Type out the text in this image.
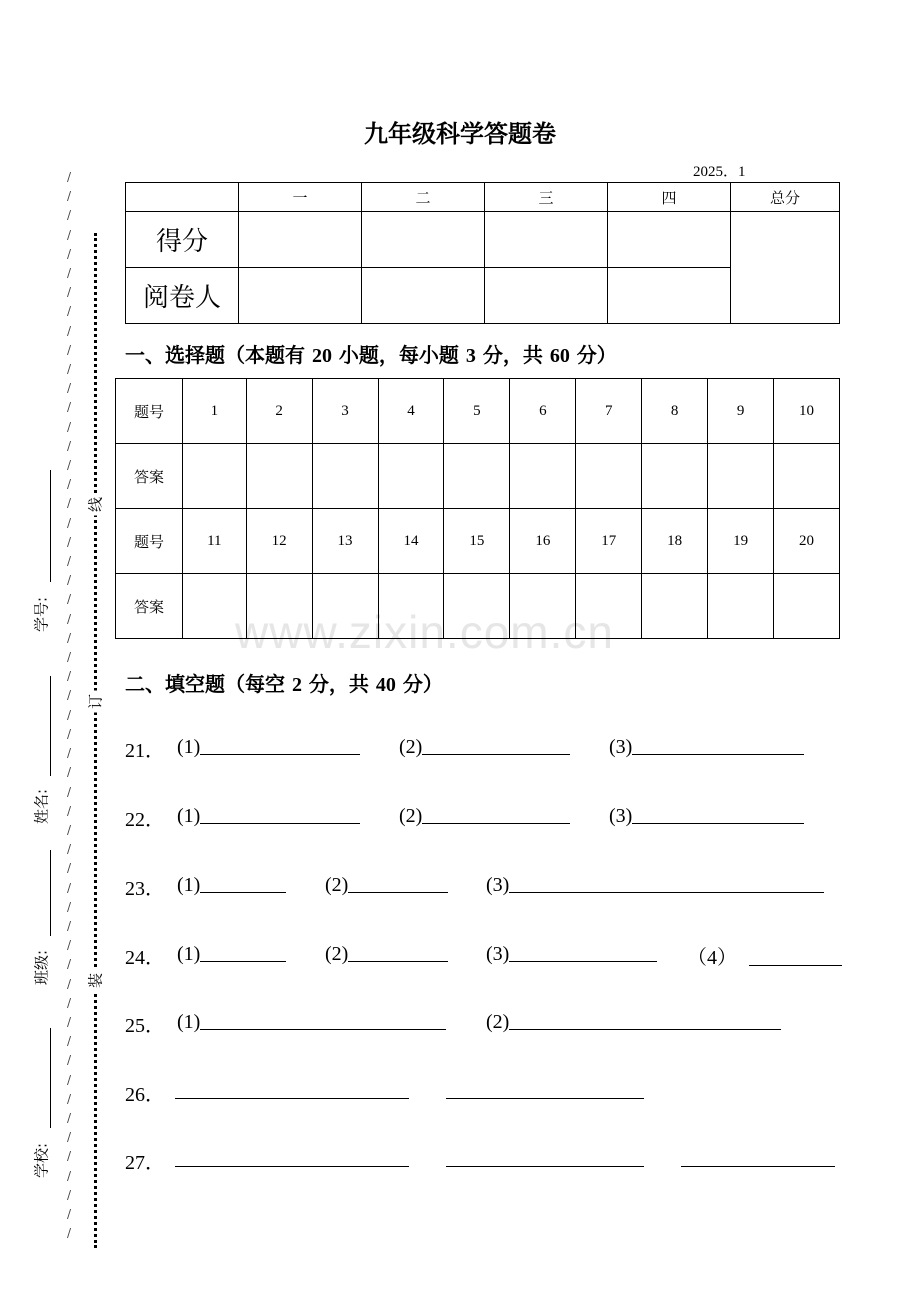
www.zixin.com.cn
九年级科学答题卷
2025．1
	一	二	三	四	总分
得分					
阅卷人					
一、选择题（本题有 20 小题，每小题 3 分，共 60 分）
题号	1	2	3	4	5	6	7	8	9	10
答案										
题号	11	12	13	14	15	16	17	18	19	20
答案										
二、填空题（每空 2 分，共 40 分）
21． (1)	(2)	(3)
22． (1)	(2)	(3)
23． (1)	(2)	(3)
24． (1)	(2)	(3)	（4）
25． (1)	(2)
26．
27．
/
/
/
/
/
/
/
/
/
/
/
/
/
/
/
/
/
/
/
/
/
/
/
/
/
/
/
/
/
/
/
/
/
/
/
/
/
/
/
/
/
/
/
/
/
/
/
/
/
/
/
/
/
/
/
/
学号:
姓名:
班级:
学校:
线
订
装
